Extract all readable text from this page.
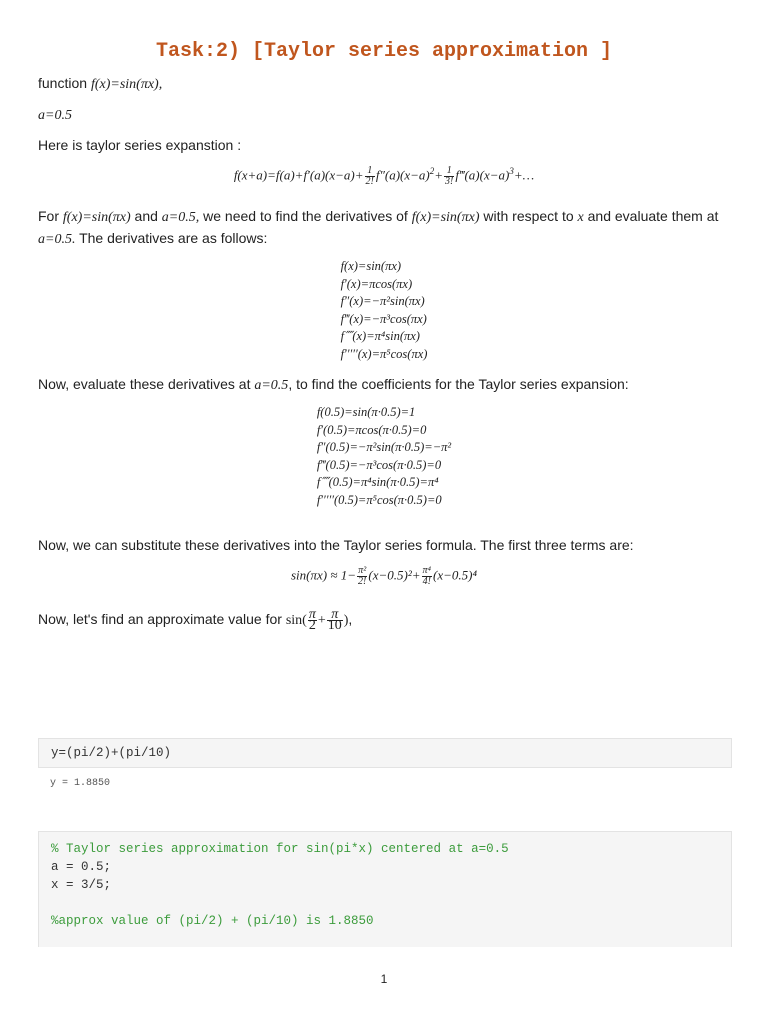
Task:2) [Taylor series approximation ]
function f(x)=sin(πx),
a=0.5
Here is taylor series expanstion :
$f(x+a)=f(a)+f'(a)(x-a)+ \frac{1}{2!} f''(a)(x-a)^2+ \frac{1}{3!}$ $f‴(a)(x-a)^3+\dots$
For f(x)=sin(πx) and a=0.5, we need to find the derivatives of f(x)=sin(πx) with respect to x and evaluate them at
a=0.5. The derivatives are as follows:
f(x)=sin(πx)
f′(x)=πcos(πx)
f″(x)=−π²sin(πx)
f‴(x)=−π³cos(πx)
f⁗(x)=π⁴sin(πx)
f′′′′′(x)=π⁵cos(πx)
Now, evaluate these derivatives at a=0.5, to find the coefficients for the Taylor series expansion:
f(0.5)=sin(π·0.5)=1
f′(0.5)=πcos(π·0.5)=0
f″(0.5)=−π²sin(π·0.5)=−π²
f‴(0.5)=−π³cos(π·0.5)=0
f⁗(0.5)=π⁴sin(π·0.5)=π⁴
f′′′′′(0.5)=π⁵cos(π·0.5)=0
Now, we can substitute these derivatives into the Taylor series formula. The first three terms are:
$\sin(\pi x) \approx 1- \frac{\text{π²}}{2!} (x-0.5)^2+ \frac{\text{π⁴}}{4!} (x-0.5)^4$
Now, let's find an approximate value for $\sin( \frac{\pi}{2} + \frac{\pi}{10}$ ),
y=(pi/2)+(pi/10)
y = 1.8850
% Taylor series approximation for sin(pi*x) centered at a=0.5
a = 0.5;
x = 3/5;
%approx value of (pi/2) + (pi/10) is 1.8850
1
